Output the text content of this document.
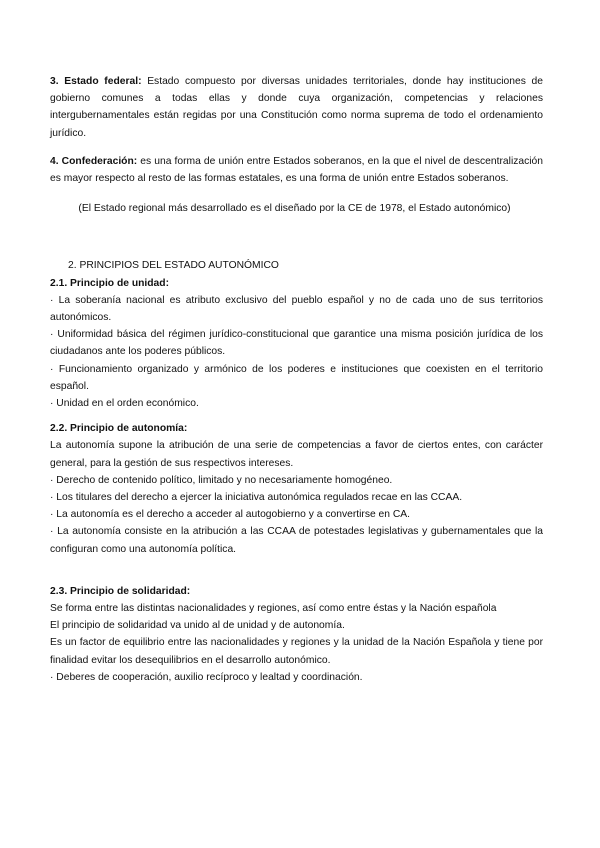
3. Estado federal: Estado compuesto por diversas unidades territoriales, donde hay instituciones de gobierno comunes a todas ellas y donde cuya organización, competencias y relaciones intergubernamentales están regidas por una Constitución como norma suprema de todo el ordenamiento jurídico.

4. Confederación: es una forma de unión entre Estados soberanos, en la que el nivel de descentralización es mayor respecto al resto de las formas estatales, es una forma de unión entre Estados soberanos.

(El Estado regional más desarrollado es el diseñado por la CE de 1978, el Estado autonómico)

2. PRINCIPIOS DEL ESTADO AUTONÓMICO

2.1. Principio de unidad:

· La soberanía nacional es atributo exclusivo del pueblo español y no de cada uno de sus territorios autonómicos.

· Uniformidad básica del régimen jurídico-constitucional que garantice una misma posición jurídica de los ciudadanos ante los poderes públicos.

· Funcionamiento organizado y armónico de los poderes e instituciones que coexisten en el territorio español.

· Unidad en el orden económico.

2.2. Principio de autonomía:

La autonomía supone la atribución de una serie de competencias a favor de ciertos entes, con carácter general, para la gestión de sus respectivos intereses.

· Derecho de contenido político, limitado y no necesariamente homogéneo.

· Los titulares del derecho a ejercer la iniciativa autonómica regulados recae en las CCAA.

· La autonomía es el derecho a acceder al autogobierno y a convertirse en CA.

· La autonomía consiste en la atribución a las CCAA de potestades legislativas y gubernamentales que la configuran como una autonomía política.

2.3. Principio de solidaridad:

Se forma entre las distintas nacionalidades y regiones, así como entre éstas y la Nación española

El principio de solidaridad va unido al de unidad y de autonomía.

Es un factor de equilibrio entre las nacionalidades y regiones y la unidad de la Nación Española y tiene por finalidad evitar los desequilibrios en el desarrollo autonómico.

· Deberes de cooperación, auxilio recíproco y lealtad y coordinación.
